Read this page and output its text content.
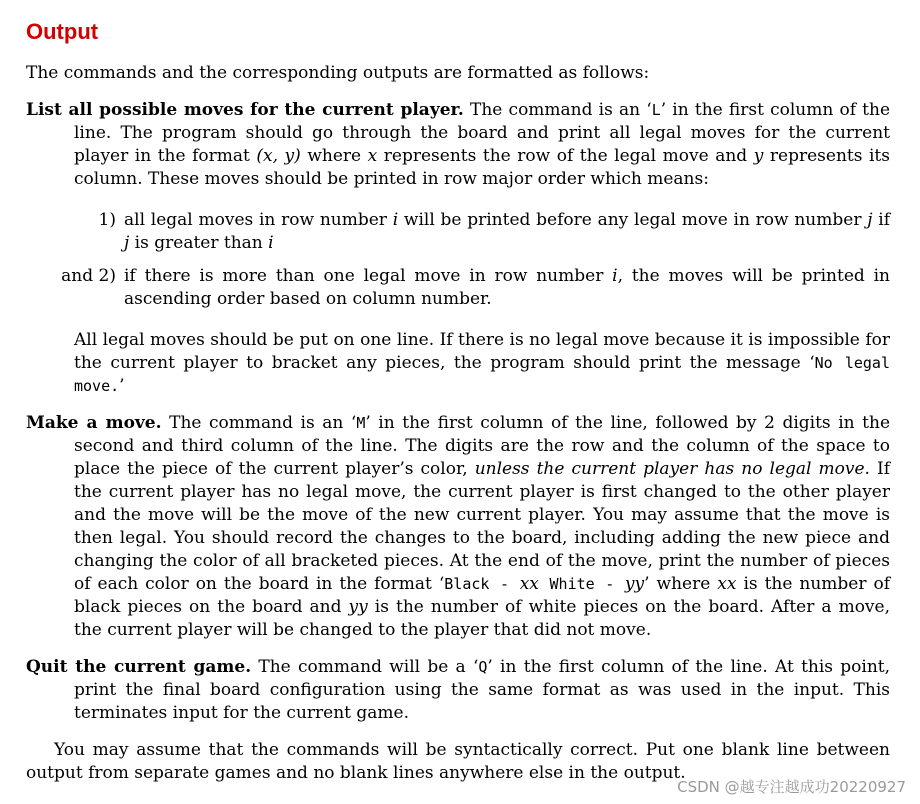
Output

The commands and the corresponding outputs are formatted as follows:

List all possible moves for the current player. The command is an ‘L’ in the first column of the line. The program should go through the board and print all legal moves for the current player in the format (x, y) where x represents the row of the legal move and y represents its column. These moves should be printed in row major order which means:

1) all legal moves in row number i will be printed before any legal move in row number j if j is greater than i
and 2) if there is more than one legal move in row number i, the moves will be printed in ascending order based on column number.

All legal moves should be put on one line. If there is no legal move because it is impossible for the current player to bracket any pieces, the program should print the message ‘No legal move.’

Make a move. The command is an ‘M’ in the first column of the line, followed by 2 digits in the second and third column of the line. The digits are the row and the column of the space to place the piece of the current player’s color, unless the current player has no legal move. If the current player has no legal move, the current player is first changed to the other player and the move will be the move of the new current player. You may assume that the move is then legal. You should record the changes to the board, including adding the new piece and changing the color of all bracketed pieces. At the end of the move, print the number of pieces of each color on the board in the format ‘Black - xx White - yy’ where xx is the number of black pieces on the board and yy is the number of white pieces on the board. After a move, the current player will be changed to the player that did not move.

Quit the current game. The command will be a ‘Q’ in the first column of the line. At this point, print the final board configuration using the same format as was used in the input. This terminates input for the current game.

You may assume that the commands will be syntactically correct. Put one blank line between output from separate games and no blank lines anywhere else in the output.

CSDN @越专注越成功20220927
